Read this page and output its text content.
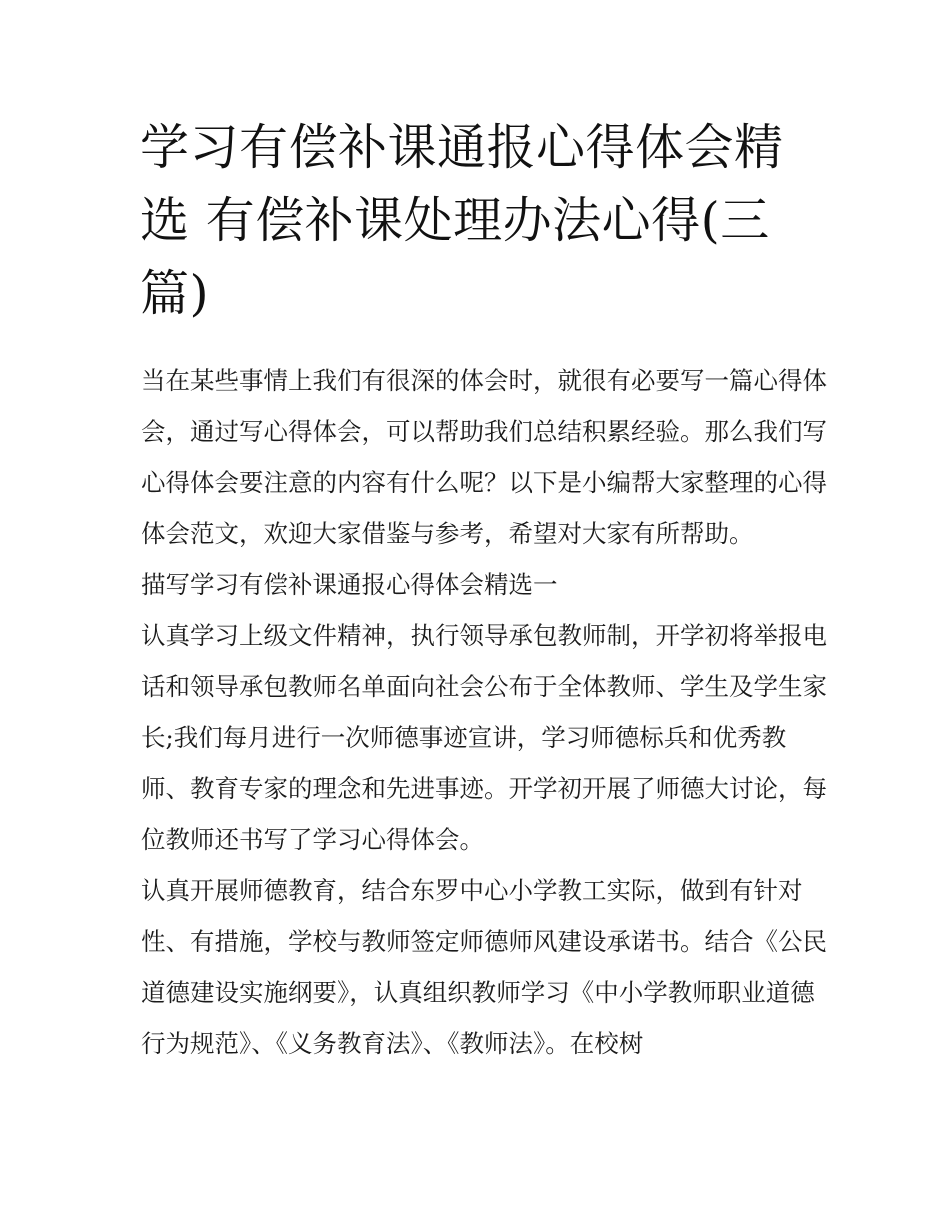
学习有偿补课通报心得体会精选 有偿补课处理办法心得(三篇)

当在某些事情上我们有很深的体会时，就很有必要写一篇心得体会，通过写心得体会，可以帮助我们总结积累经验。那么我们写心得体会要注意的内容有什么呢？以下是小编帮大家整理的心得体会范文，欢迎大家借鉴与参考，希望对大家有所帮助。

描写学习有偿补课通报心得体会精选一

认真学习上级文件精神，执行领导承包教师制，开学初将举报电话和领导承包教师名单面向社会公布于全体教师、学生及学生家长;我们每月进行一次师德事迹宣讲，学习师德标兵和优秀教师、教育专家的理念和先进事迹。开学初开展了师德大讨论，每位教师还书写了学习心得体会。

认真开展师德教育，结合东罗中心小学教工实际，做到有针对性、有措施，学校与教师签定师德师风建设承诺书。结合《公民道德建设实施纲要》，认真组织教师学习《中小学教师职业道德行为规范》、《义务教育法》、《教师法》。在校树
